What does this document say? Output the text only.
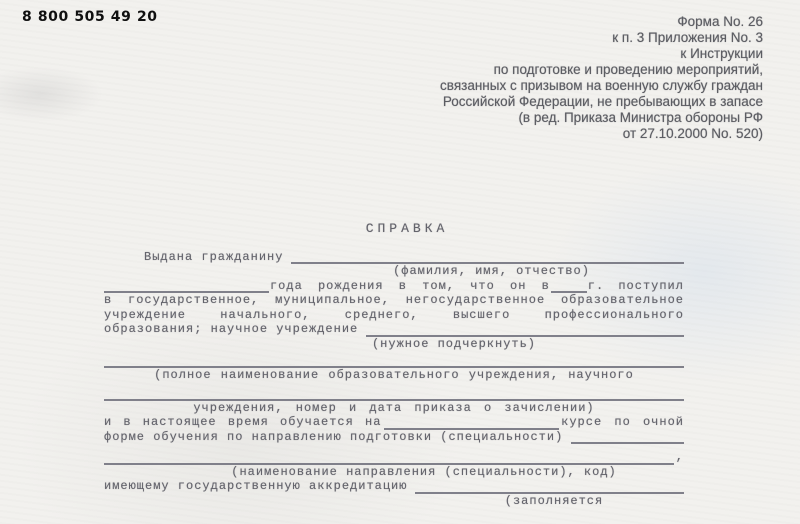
8 800 505 49 20	Форма No. 26
к п. 3 Приложения No. 3
к Инструкции
по подготовке и проведению мероприятий,
связанных с призывом на военную службу граждан
Российской Федерации, не пребывающих в запасе
(в ред. Приказа Министра обороны РФ
от 27.10.2000 No. 520)
СПРАВКА
Выдана гражданину
(фамилия, имя, отчество)
года рождения в том, что он в	г. поступил
в государственное, муниципальное, негосударственное образовательное
учреждение начального, среднего, высшего профессионального
образования; научное учреждение
(нужное подчеркнуть)
(полное наименование образовательного учреждения, научного
учреждения, номер и дата приказа о зачислении)
и в настоящее время обучается на	курсе по очной
форме обучения по направлению подготовки (специальности)
,
(наименование направления (специальности), код)
имеющему государственную аккредитацию
(заполняется
